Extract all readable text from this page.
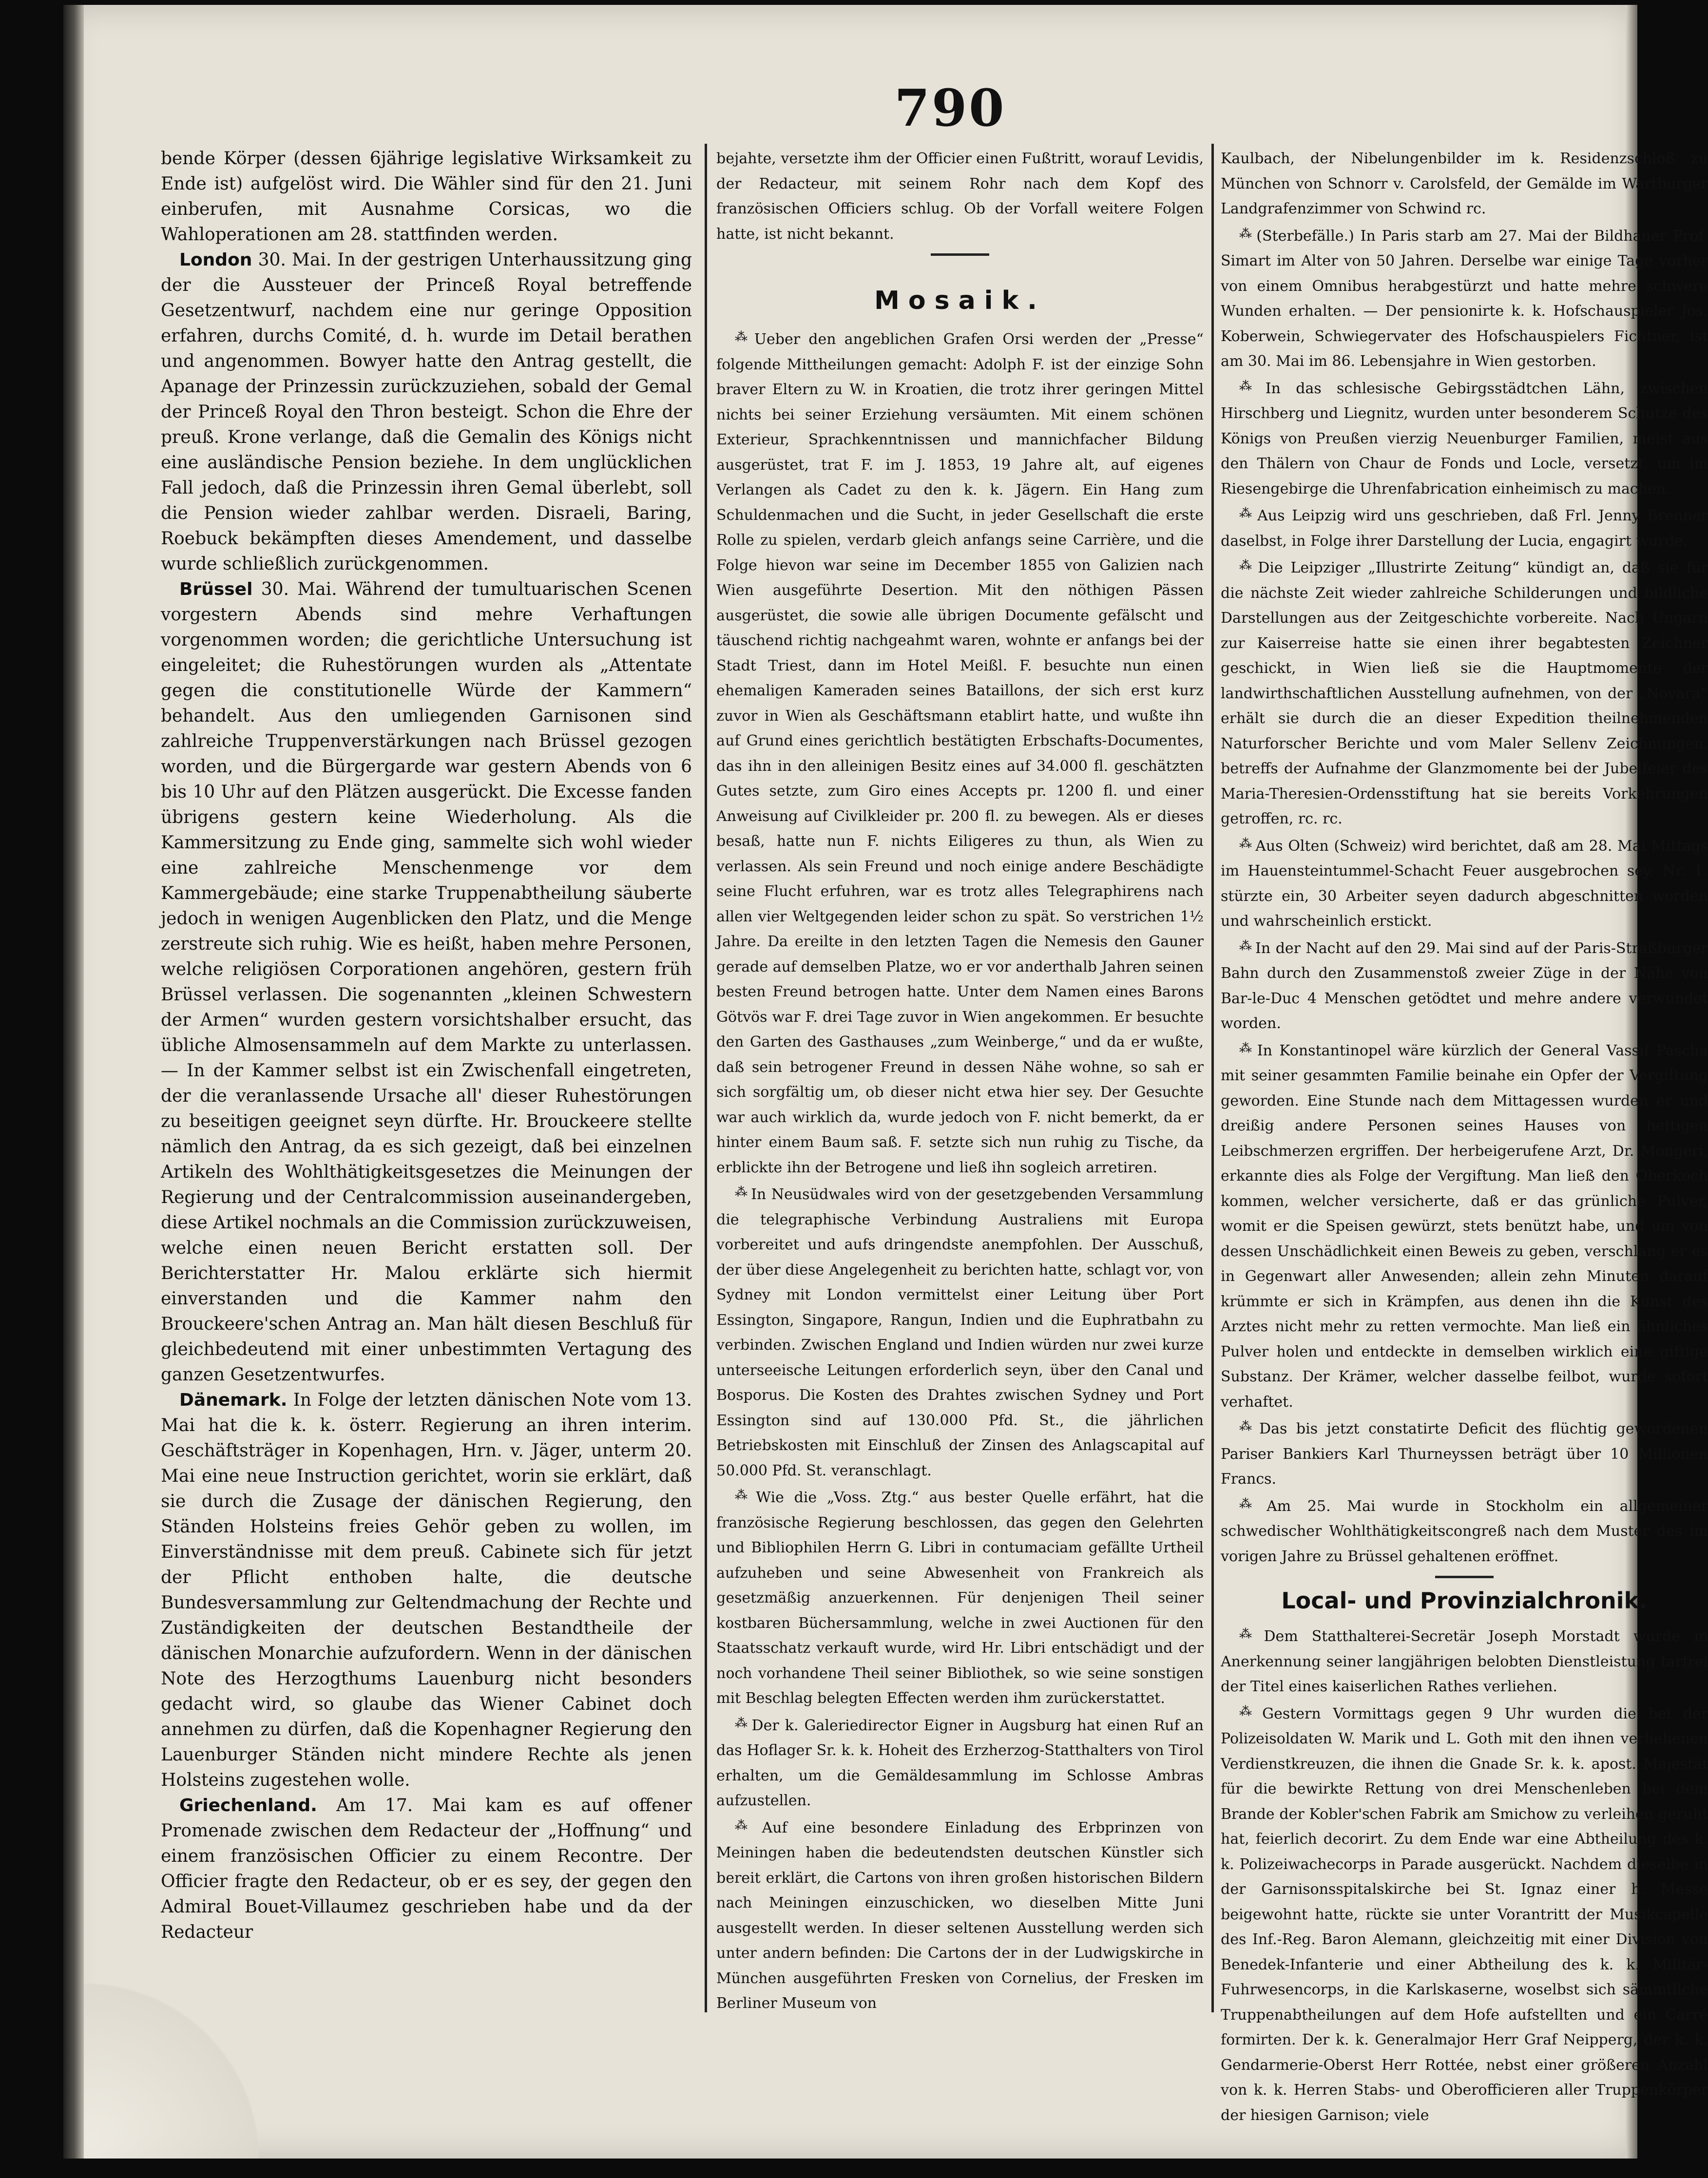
790

bende Körper (dessen 6jährige legislative Wirksamkeit zu Ende ist) aufgelöst wird. Die Wähler sind für den 21. Juni einberufen, mit Ausnahme Corsicas, wo die Wahloperationen am 28. stattfinden werden.

London 30. Mai. In der gestrigen Unterhaussitzung ging der die Aussteuer der Princeß Royal betreffende Gesetzentwurf, nachdem eine nur geringe Opposition erfahren, durchs Comité, d. h. wurde im Detail berathen und angenommen. Bowyer hatte den Antrag gestellt, die Apanage der Prinzessin zurückzuziehen, sobald der Gemal der Princeß Royal den Thron besteigt. Schon die Ehre der preuß. Krone verlange, daß die Gemalin des Königs nicht eine ausländische Pension beziehe. In dem unglücklichen Fall jedoch, daß die Prinzessin ihren Gemal überlebt, soll die Pension wieder zahlbar werden. Disraeli, Baring, Roebuck bekämpften dieses Amendement, und dasselbe wurde schließlich zurückgenommen.

Brüssel 30. Mai. Während der tumultuarischen Scenen vorgestern Abends sind mehre Verhaftungen vorgenommen worden; die gerichtliche Untersuchung ist eingeleitet; die Ruhestörungen wurden als „Attentate gegen die constitutionelle Würde der Kammern“ behandelt. Aus den umliegenden Garnisonen sind zahlreiche Truppenverstärkungen nach Brüssel gezogen worden, und die Bürgergarde war gestern Abends von 6 bis 10 Uhr auf den Plätzen ausgerückt. Die Excesse fanden übrigens gestern keine Wiederholung. Als die Kammersitzung zu Ende ging, sammelte sich wohl wieder eine zahlreiche Menschenmenge vor dem Kammergebäude; eine starke Truppenabtheilung säuberte jedoch in wenigen Augenblicken den Platz, und die Menge zerstreute sich ruhig. Wie es heißt, haben mehre Personen, welche religiösen Corporationen angehören, gestern früh Brüssel verlassen. Die sogenannten „kleinen Schwestern der Armen“ wurden gestern vorsichtshalber ersucht, das übliche Almosensammeln auf dem Markte zu unterlassen. — In der Kammer selbst ist ein Zwischenfall eingetreten, der die veranlassende Ursache all' dieser Ruhestörungen zu beseitigen geeignet seyn dürfte. Hr. Brouckeere stellte nämlich den Antrag, da es sich gezeigt, daß bei einzelnen Artikeln des Wohlthätigkeitsgesetzes die Meinungen der Regierung und der Centralcommission auseinandergeben, diese Artikel nochmals an die Commission zurückzuweisen, welche einen neuen Bericht erstatten soll. Der Berichterstatter Hr. Malou erklärte sich hiermit einverstanden und die Kammer nahm den Brouckeere'schen Antrag an. Man hält diesen Beschluß für gleichbedeutend mit einer unbestimmten Vertagung des ganzen Gesetzentwurfes.

Dänemark. In Folge der letzten dänischen Note vom 13. Mai hat die k. k. österr. Regierung an ihren interim. Geschäftsträger in Kopenhagen, Hrn. v. Jäger, unterm 20. Mai eine neue Instruction gerichtet, worin sie erklärt, daß sie durch die Zusage der dänischen Regierung, den Ständen Holsteins freies Gehör geben zu wollen, im Einverständnisse mit dem preuß. Cabinete sich für jetzt der Pflicht enthoben halte, die deutsche Bundesversammlung zur Geltendmachung der Rechte und Zuständigkeiten der deutschen Bestandtheile der dänischen Monarchie aufzufordern. Wenn in der dänischen Note des Herzogthums Lauenburg nicht besonders gedacht wird, so glaube das Wiener Cabinet doch annehmen zu dürfen, daß die Kopenhagner Regierung den Lauenburger Ständen nicht mindere Rechte als jenen Holsteins zugestehen wolle.

Griechenland. Am 17. Mai kam es auf offener Promenade zwischen dem Redacteur der „Hoffnung“ und einem französischen Officier zu einem Recontre. Der Officier fragte den Redacteur, ob er es sey, der gegen den Admiral Bouet-Villaumez geschrieben habe und da der Redacteur

bejahte, versetzte ihm der Officier einen Fußtritt, worauf Levidis, der Redacteur, mit seinem Rohr nach dem Kopf des französischen Officiers schlug. Ob der Vorfall weitere Folgen hatte, ist nicht bekannt.

Mosaik.

⁂ Ueber den angeblichen Grafen Orsi werden der „Presse“ folgende Mittheilungen gemacht: Adolph F. ist der einzige Sohn braver Eltern zu W. in Kroatien, die trotz ihrer geringen Mittel nichts bei seiner Erziehung versäumten. Mit einem schönen Exterieur, Sprachkenntnissen und mannichfacher Bildung ausgerüstet, trat F. im J. 1853, 19 Jahre alt, auf eigenes Verlangen als Cadet zu den k. k. Jägern. Ein Hang zum Schuldenmachen und die Sucht, in jeder Gesellschaft die erste Rolle zu spielen, verdarb gleich anfangs seine Carrière, und die Folge hievon war seine im December 1855 von Galizien nach Wien ausgeführte Desertion. Mit den nöthigen Pässen ausgerüstet, die sowie alle übrigen Documente gefälscht und täuschend richtig nachgeahmt waren, wohnte er anfangs bei der Stadt Triest, dann im Hotel Meißl. F. besuchte nun einen ehemaligen Kameraden seines Bataillons, der sich erst kurz zuvor in Wien als Geschäftsmann etablirt hatte, und wußte ihn auf Grund eines gerichtlich bestätigten Erbschafts-Documentes, das ihn in den alleinigen Besitz eines auf 34.000 fl. geschätzten Gutes setzte, zum Giro eines Accepts pr. 1200 fl. und einer Anweisung auf Civilkleider pr. 200 fl. zu bewegen. Als er dieses besaß, hatte nun F. nichts Eiligeres zu thun, als Wien zu verlassen. Als sein Freund und noch einige andere Beschädigte seine Flucht erfuhren, war es trotz alles Telegraphirens nach allen vier Weltgegenden leider schon zu spät. So verstrichen 1½ Jahre. Da ereilte in den letzten Tagen die Nemesis den Gauner gerade auf demselben Platze, wo er vor anderthalb Jahren seinen besten Freund betrogen hatte. Unter dem Namen eines Barons Götvös war F. drei Tage zuvor in Wien angekommen. Er besuchte den Garten des Gasthauses „zum Weinberge,“ und da er wußte, daß sein betrogener Freund in dessen Nähe wohne, so sah er sich sorgfältig um, ob dieser nicht etwa hier sey. Der Gesuchte war auch wirklich da, wurde jedoch von F. nicht bemerkt, da er hinter einem Baum saß. F. setzte sich nun ruhig zu Tische, da erblickte ihn der Betrogene und ließ ihn sogleich arretiren.

⁂ In Neusüdwales wird von der gesetzgebenden Versammlung die telegraphische Verbindung Australiens mit Europa vorbereitet und aufs dringendste anempfohlen. Der Ausschuß, der über diese Angelegenheit zu berichten hatte, schlagt vor, von Sydney mit London vermittelst einer Leitung über Port Essington, Singapore, Rangun, Indien und die Euphratbahn zu verbinden. Zwischen England und Indien würden nur zwei kurze unterseeische Leitungen erforderlich seyn, über den Canal und Bosporus. Die Kosten des Drahtes zwischen Sydney und Port Essington sind auf 130.000 Pfd. St., die jährlichen Betriebskosten mit Einschluß der Zinsen des Anlagscapital auf 50.000 Pfd. St. veranschlagt.

⁂ Wie die „Voss. Ztg.“ aus bester Quelle erfährt, hat die französische Regierung beschlossen, das gegen den Gelehrten und Bibliophilen Herrn G. Libri in contumaciam gefällte Urtheil aufzuheben und seine Abwesenheit von Frankreich als gesetzmäßig anzuerkennen. Für denjenigen Theil seiner kostbaren Büchersammlung, welche in zwei Auctionen für den Staatsschatz verkauft wurde, wird Hr. Libri entschädigt und der noch vorhandene Theil seiner Bibliothek, so wie seine sonstigen mit Beschlag belegten Effecten werden ihm zurückerstattet.

⁂ Der k. Galeriedirector Eigner in Augsburg hat einen Ruf an das Hoflager Sr. k. k. Hoheit des Erzherzog-Statthalters von Tirol erhalten, um die Gemäldesammlung im Schlosse Ambras aufzustellen.

⁂ Auf eine besondere Einladung des Erbprinzen von Meiningen haben die bedeutendsten deutschen Künstler sich bereit erklärt, die Cartons von ihren großen historischen Bildern nach Meiningen einzuschicken, wo dieselben Mitte Juni ausgestellt werden. In dieser seltenen Ausstellung werden sich unter andern befinden: Die Cartons der in der Ludwigskirche in München ausgeführten Fresken von Cornelius, der Fresken im Berliner Museum von

Kaulbach, der Nibelungenbilder im k. Residenzschloß zu München von Schnorr v. Carolsfeld, der Gemälde im Wartburger Landgrafenzimmer von Schwind rc.

⁂ (Sterbefälle.) In Paris starb am 27. Mai der Bildhauer Prof. Simart im Alter von 50 Jahren. Derselbe war einige Tage vorher von einem Omnibus herabgestürzt und hatte mehre schwere Wunden erhalten. — Der pensionirte k. k. Hofschauspieler Jos. Koberwein, Schwiegervater des Hofschauspielers Fichtner, ist am 30. Mai im 86. Lebensjahre in Wien gestorben.

⁂ In das schlesische Gebirgsstädtchen Lähn, zwischen Hirschberg und Liegnitz, wurden unter besonderem Schutze des Königs von Preußen vierzig Neuenburger Familien, meist aus den Thälern von Chaur de Fonds und Locle, versetzt, um im Riesengebirge die Uhrenfabrication einheimisch zu machen.

⁂ Aus Leipzig wird uns geschrieben, daß Frl. Jenny Brenner daselbst, in Folge ihrer Darstellung der Lucia, engagirt wurde.

⁂ Die Leipziger „Illustrirte Zeitung“ kündigt an, daß sie für die nächste Zeit wieder zahlreiche Schilderungen und bildliche Darstellungen aus der Zeitgeschichte vorbereite. Nach Ungarn zur Kaiserreise hatte sie einen ihrer begabtesten Zeichner geschickt, in Wien ließ sie die Hauptmomente der landwirthschaftlichen Ausstellung aufnehmen, von der „Novara“ erhält sie durch die an dieser Expedition theilnehmenden Naturforscher Berichte und vom Maler Sellenv Zeichnungen, betreffs der Aufnahme der Glanzmomente bei der Jubelfeier des Maria-Theresien-Ordensstiftung hat sie bereits Vorkehrungen getroffen, rc. rc.

⁂ Aus Olten (Schweiz) wird berichtet, daß am 28. Mai Mittags im Hauensteintummel-Schacht Feuer ausgebrochen sey. Nr. 1. stürzte ein, 30 Arbeiter seyen dadurch abgeschnitten worden und wahrscheinlich erstickt.

⁂ In der Nacht auf den 29. Mai sind auf der Paris-Straßburger Bahn durch den Zusammenstoß zweier Züge in der Nähe von Bar-le-Duc 4 Menschen getödtet und mehre andere verwundet worden.

⁂ In Konstantinopel wäre kürzlich der General Vassif Pascha mit seiner gesammten Familie beinahe ein Opfer der Vergiftung geworden. Eine Stunde nach dem Mittagessen wurden er und dreißig andere Personen seines Hauses von heftigen Leibschmerzen ergriffen. Der herbeigerufene Arzt, Dr. Mongeri, erkannte dies als Folge der Vergiftung. Man ließ den Oberkoch kommen, welcher versicherte, daß er das grünliche Pulver, womit er die Speisen gewürzt, stets benützt habe, und um von dessen Unschädlichkeit einen Beweis zu geben, verschlang er es in Gegenwart aller Anwesenden; allein zehn Minuten darauf krümmte er sich in Krämpfen, aus denen ihn die Kunst des Arztes nicht mehr zu retten vermochte. Man ließ ein ähnliches Pulver holen und entdeckte in demselben wirklich eine giftige Substanz. Der Krämer, welcher dasselbe feilbot, wurde sofort verhaftet.

⁂ Das bis jetzt constatirte Deficit des flüchtig gewordenen Pariser Bankiers Karl Thurneyssen beträgt über 10 Millionen Francs.

⁂ Am 25. Mai wurde in Stockholm ein allgemeiner schwedischer Wohlthätigkeitscongreß nach dem Muster des im vorigen Jahre zu Brüssel gehaltenen eröffnet.

Local- und Provinzialchronik.

⁂ Dem Statthalterei-Secretär Joseph Morstadt wurde in Anerkennung seiner langjährigen belobten Dienstleistung tarfrei der Titel eines kaiserlichen Rathes verliehen.

⁂ Gestern Vormittags gegen 9 Uhr wurden die bei der Polizeisoldaten W. Marik und L. Goth mit den ihnen verliehenen Verdienstkreuzen, die ihnen die Gnade Sr. k. k. apost. Majestät für die bewirkte Rettung von drei Menschenleben bei dem Brande der Kobler'schen Fabrik am Smichow zu verleihen geruht hat, feierlich decorirt. Zu dem Ende war eine Abtheilung des k. k. Polizeiwachecorps in Parade ausgerückt. Nachdem dieselbe in der Garnisonsspitalskirche bei St. Ignaz einer h. Messe beigewohnt hatte, rückte sie unter Vorantritt der Musikcapelle des Inf.-Reg. Baron Alemann, gleichzeitig mit einer Division von Benedek-Infanterie und einer Abtheilung des k. k. Militär-Fuhrwesencorps, in die Karlskaserne, woselbst sich sämmtliche Truppenabtheilungen auf dem Hofe aufstellten und ein Carré formirten. Der k. k. Generalmajor Herr Graf Neipperg, der k. k. Gendarmerie-Oberst Herr Rottée, nebst einer größeren Anzahl von k. k. Herren Stabs- und Oberofficieren aller Truppenkörper der hiesigen Garnison; viele
